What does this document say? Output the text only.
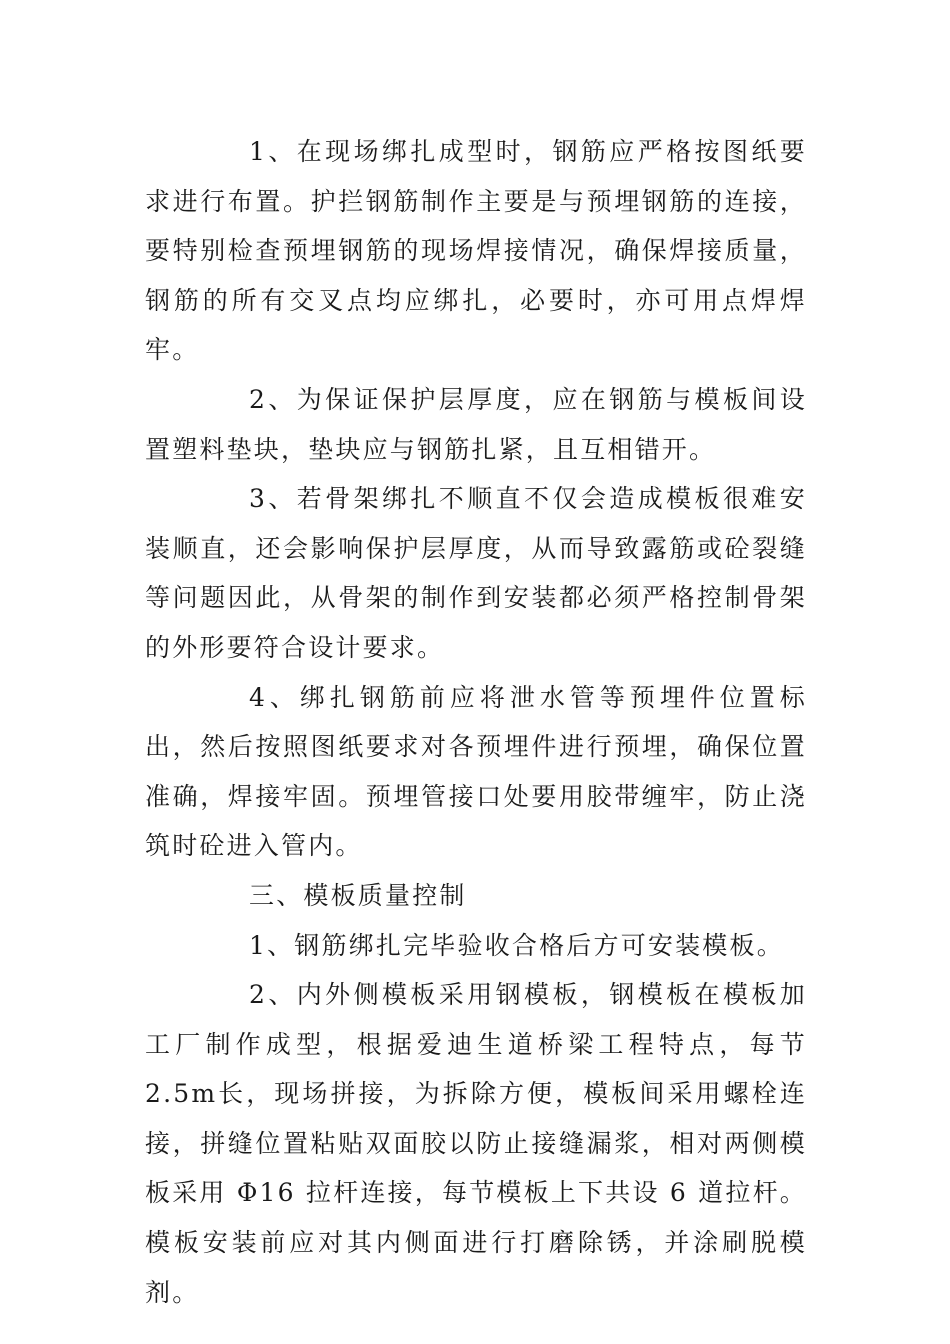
1、在现场绑扎成型时，钢筋应严格按图纸要求进行布置。护拦钢筋制作主要是与预埋钢筋的连接，要特别检查预埋钢筋的现场焊接情况，确保焊接质量，钢筋的所有交叉点均应绑扎，必要时，亦可用点焊焊牢。

2、为保证保护层厚度，应在钢筋与模板间设置塑料垫块，垫块应与钢筋扎紧，且互相错开。

3、若骨架绑扎不顺直不仅会造成模板很难安装顺直，还会影响保护层厚度，从而导致露筋或砼裂缝等问题因此，从骨架的制作到安装都必须严格控制骨架的外形要符合设计要求。

4、绑扎钢筋前应将泄水管等预埋件位置标出，然后按照图纸要求对各预埋件进行预埋，确保位置准确，焊接牢固。预埋管接口处要用胶带缠牢，防止浇筑时砼进入管内。

三、模板质量控制

1、钢筋绑扎完毕验收合格后方可安装模板。

2、内外侧模板采用钢模板，钢模板在模板加工厂制作成型，根据爱迪生道桥梁工程特点，每节2.5m长，现场拼接，为拆除方便，模板间采用螺栓连接，拼缝位置粘贴双面胶以防止接缝漏浆，相对两侧模板采用 Φ16 拉杆连接，每节模板上下共设 6 道拉杆。模板安装前应对其内侧面进行打磨除锈，并涂刷脱模剂。
